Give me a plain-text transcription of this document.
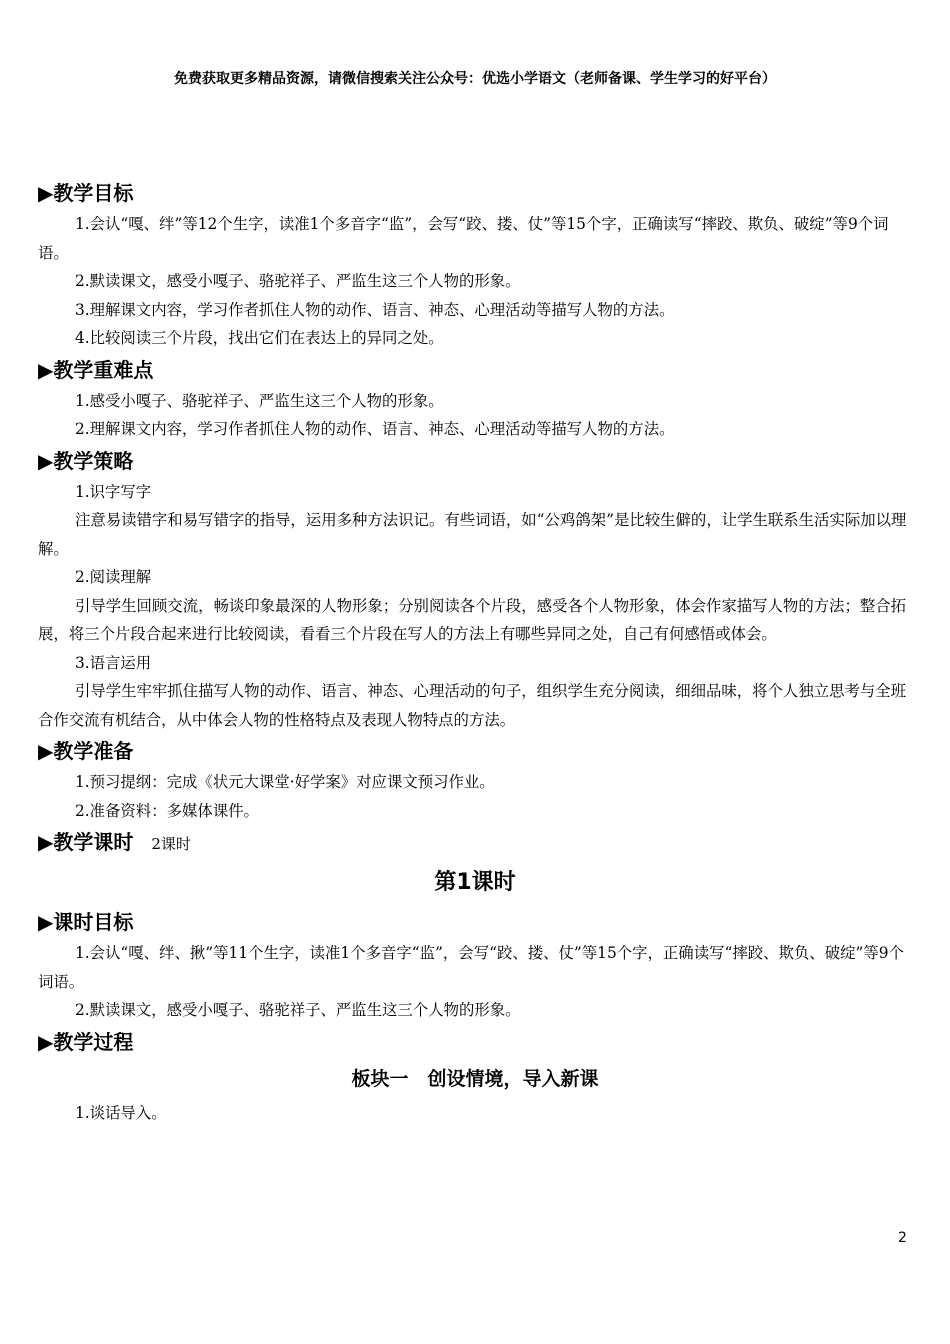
免费获取更多精品资源，请微信搜索关注公众号：优选小学语文（老师备课、学生学习的好平台）
▶教学目标

1.会认“嘎、绊”等12个生字，读准1个多音字“监”，会写“跤、搂、仗”等15个字，正确读写“摔跤、欺负、破绽”等9个词语。

2.默读课文，感受小嘎子、骆驼祥子、严监生这三个人物的形象。

3.理解课文内容，学习作者抓住人物的动作、语言、神态、心理活动等描写人物的方法。

4.比较阅读三个片段，找出它们在表达上的异同之处。

▶教学重难点

1.感受小嘎子、骆驼祥子、严监生这三个人物的形象。

2.理解课文内容，学习作者抓住人物的动作、语言、神态、心理活动等描写人物的方法。

▶教学策略

1.识字写字

注意易读错字和易写错字的指导，运用多种方法识记。有些词语，如“公鸡鸽架”是比较生僻的，让学生联系生活实际加以理解。

2.阅读理解

引导学生回顾交流，畅谈印象最深的人物形象；分别阅读各个片段，感受各个人物形象，体会作家描写人物的方法；整合拓展，将三个片段合起来进行比较阅读，看看三个片段在写人的方法上有哪些异同之处，自己有何感悟或体会。

3.语言运用

引导学生牢牢抓住描写人物的动作、语言、神态、心理活动的句子，组织学生充分阅读，细细品味，将个人独立思考与全班合作交流有机结合，从中体会人物的性格特点及表现人物特点的方法。

▶教学准备

1.预习提纲：完成《状元大课堂·好学案》对应课文预习作业。

2.准备资料：多媒体课件。

▶教学课时 2课时
第1课时
▶课时目标

1.会认“嘎、绊、揪”等11个生字，读准1个多音字“监”，会写“跤、搂、仗”等15个字，正确读写“摔跤、欺负、破绽”等9个词语。

2.默读课文，感受小嘎子、骆驼祥子、严监生这三个人物的形象。

▶教学过程
板块一　创设情境，导入新课

1.谈话导入。

2
